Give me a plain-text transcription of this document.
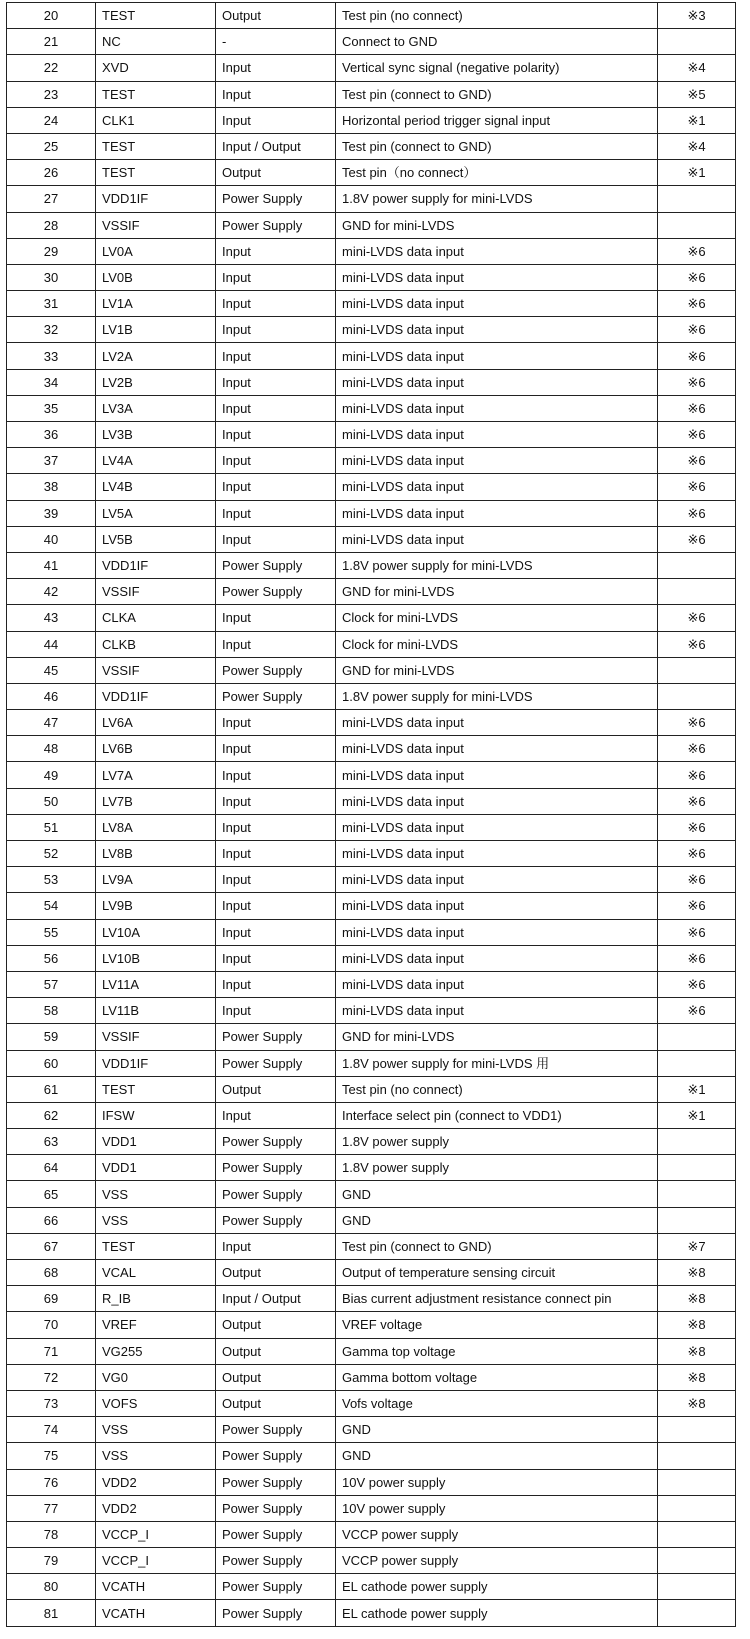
20	TEST	Output	Test pin (no connect)	※3
21	NC	-	Connect to GND	
22	XVD	Input	Vertical sync signal (negative polarity)	※4
23	TEST	Input	Test pin (connect to GND)	※5
24	CLK1	Input	Horizontal period trigger signal input	※1
25	TEST	Input / Output	Test pin (connect to GND)	※4
26	TEST	Output	Test pin（no connect）	※1
27	VDD1IF	Power Supply	1.8V power supply for mini-LVDS	
28	VSSIF	Power Supply	GND for mini-LVDS	
29	LV0A	Input	mini-LVDS data input	※6
30	LV0B	Input	mini-LVDS data input	※6
31	LV1A	Input	mini-LVDS data input	※6
32	LV1B	Input	mini-LVDS data input	※6
33	LV2A	Input	mini-LVDS data input	※6
34	LV2B	Input	mini-LVDS data input	※6
35	LV3A	Input	mini-LVDS data input	※6
36	LV3B	Input	mini-LVDS data input	※6
37	LV4A	Input	mini-LVDS data input	※6
38	LV4B	Input	mini-LVDS data input	※6
39	LV5A	Input	mini-LVDS data input	※6
40	LV5B	Input	mini-LVDS data input	※6
41	VDD1IF	Power Supply	1.8V power supply for mini-LVDS	
42	VSSIF	Power Supply	GND for mini-LVDS	
43	CLKA	Input	Clock for mini-LVDS	※6
44	CLKB	Input	Clock for mini-LVDS	※6
45	VSSIF	Power Supply	GND for mini-LVDS	
46	VDD1IF	Power Supply	1.8V power supply for mini-LVDS	
47	LV6A	Input	mini-LVDS data input	※6
48	LV6B	Input	mini-LVDS data input	※6
49	LV7A	Input	mini-LVDS data input	※6
50	LV7B	Input	mini-LVDS data input	※6
51	LV8A	Input	mini-LVDS data input	※6
52	LV8B	Input	mini-LVDS data input	※6
53	LV9A	Input	mini-LVDS data input	※6
54	LV9B	Input	mini-LVDS data input	※6
55	LV10A	Input	mini-LVDS data input	※6
56	LV10B	Input	mini-LVDS data input	※6
57	LV11A	Input	mini-LVDS data input	※6
58	LV11B	Input	mini-LVDS data input	※6
59	VSSIF	Power Supply	GND for mini-LVDS	
60	VDD1IF	Power Supply	1.8V power supply for mini-LVDS 用	
61	TEST	Output	Test pin (no connect)	※1
62	IFSW	Input	Interface select pin (connect to VDD1)	※1
63	VDD1	Power Supply	1.8V power supply	
64	VDD1	Power Supply	1.8V power supply	
65	VSS	Power Supply	GND	
66	VSS	Power Supply	GND	
67	TEST	Input	Test pin (connect to GND)	※7
68	VCAL	Output	Output of temperature sensing circuit	※8
69	R_IB	Input / Output	Bias current adjustment resistance connect pin	※8
70	VREF	Output	VREF voltage	※8
71	VG255	Output	Gamma top voltage	※8
72	VG0	Output	Gamma bottom voltage	※8
73	VOFS	Output	Vofs voltage	※8
74	VSS	Power Supply	GND	
75	VSS	Power Supply	GND	
76	VDD2	Power Supply	10V power supply	
77	VDD2	Power Supply	10V power supply	
78	VCCP_I	Power Supply	VCCP power supply	
79	VCCP_I	Power Supply	VCCP power supply	
80	VCATH	Power Supply	EL cathode power supply	
81	VCATH	Power Supply	EL cathode power supply	
